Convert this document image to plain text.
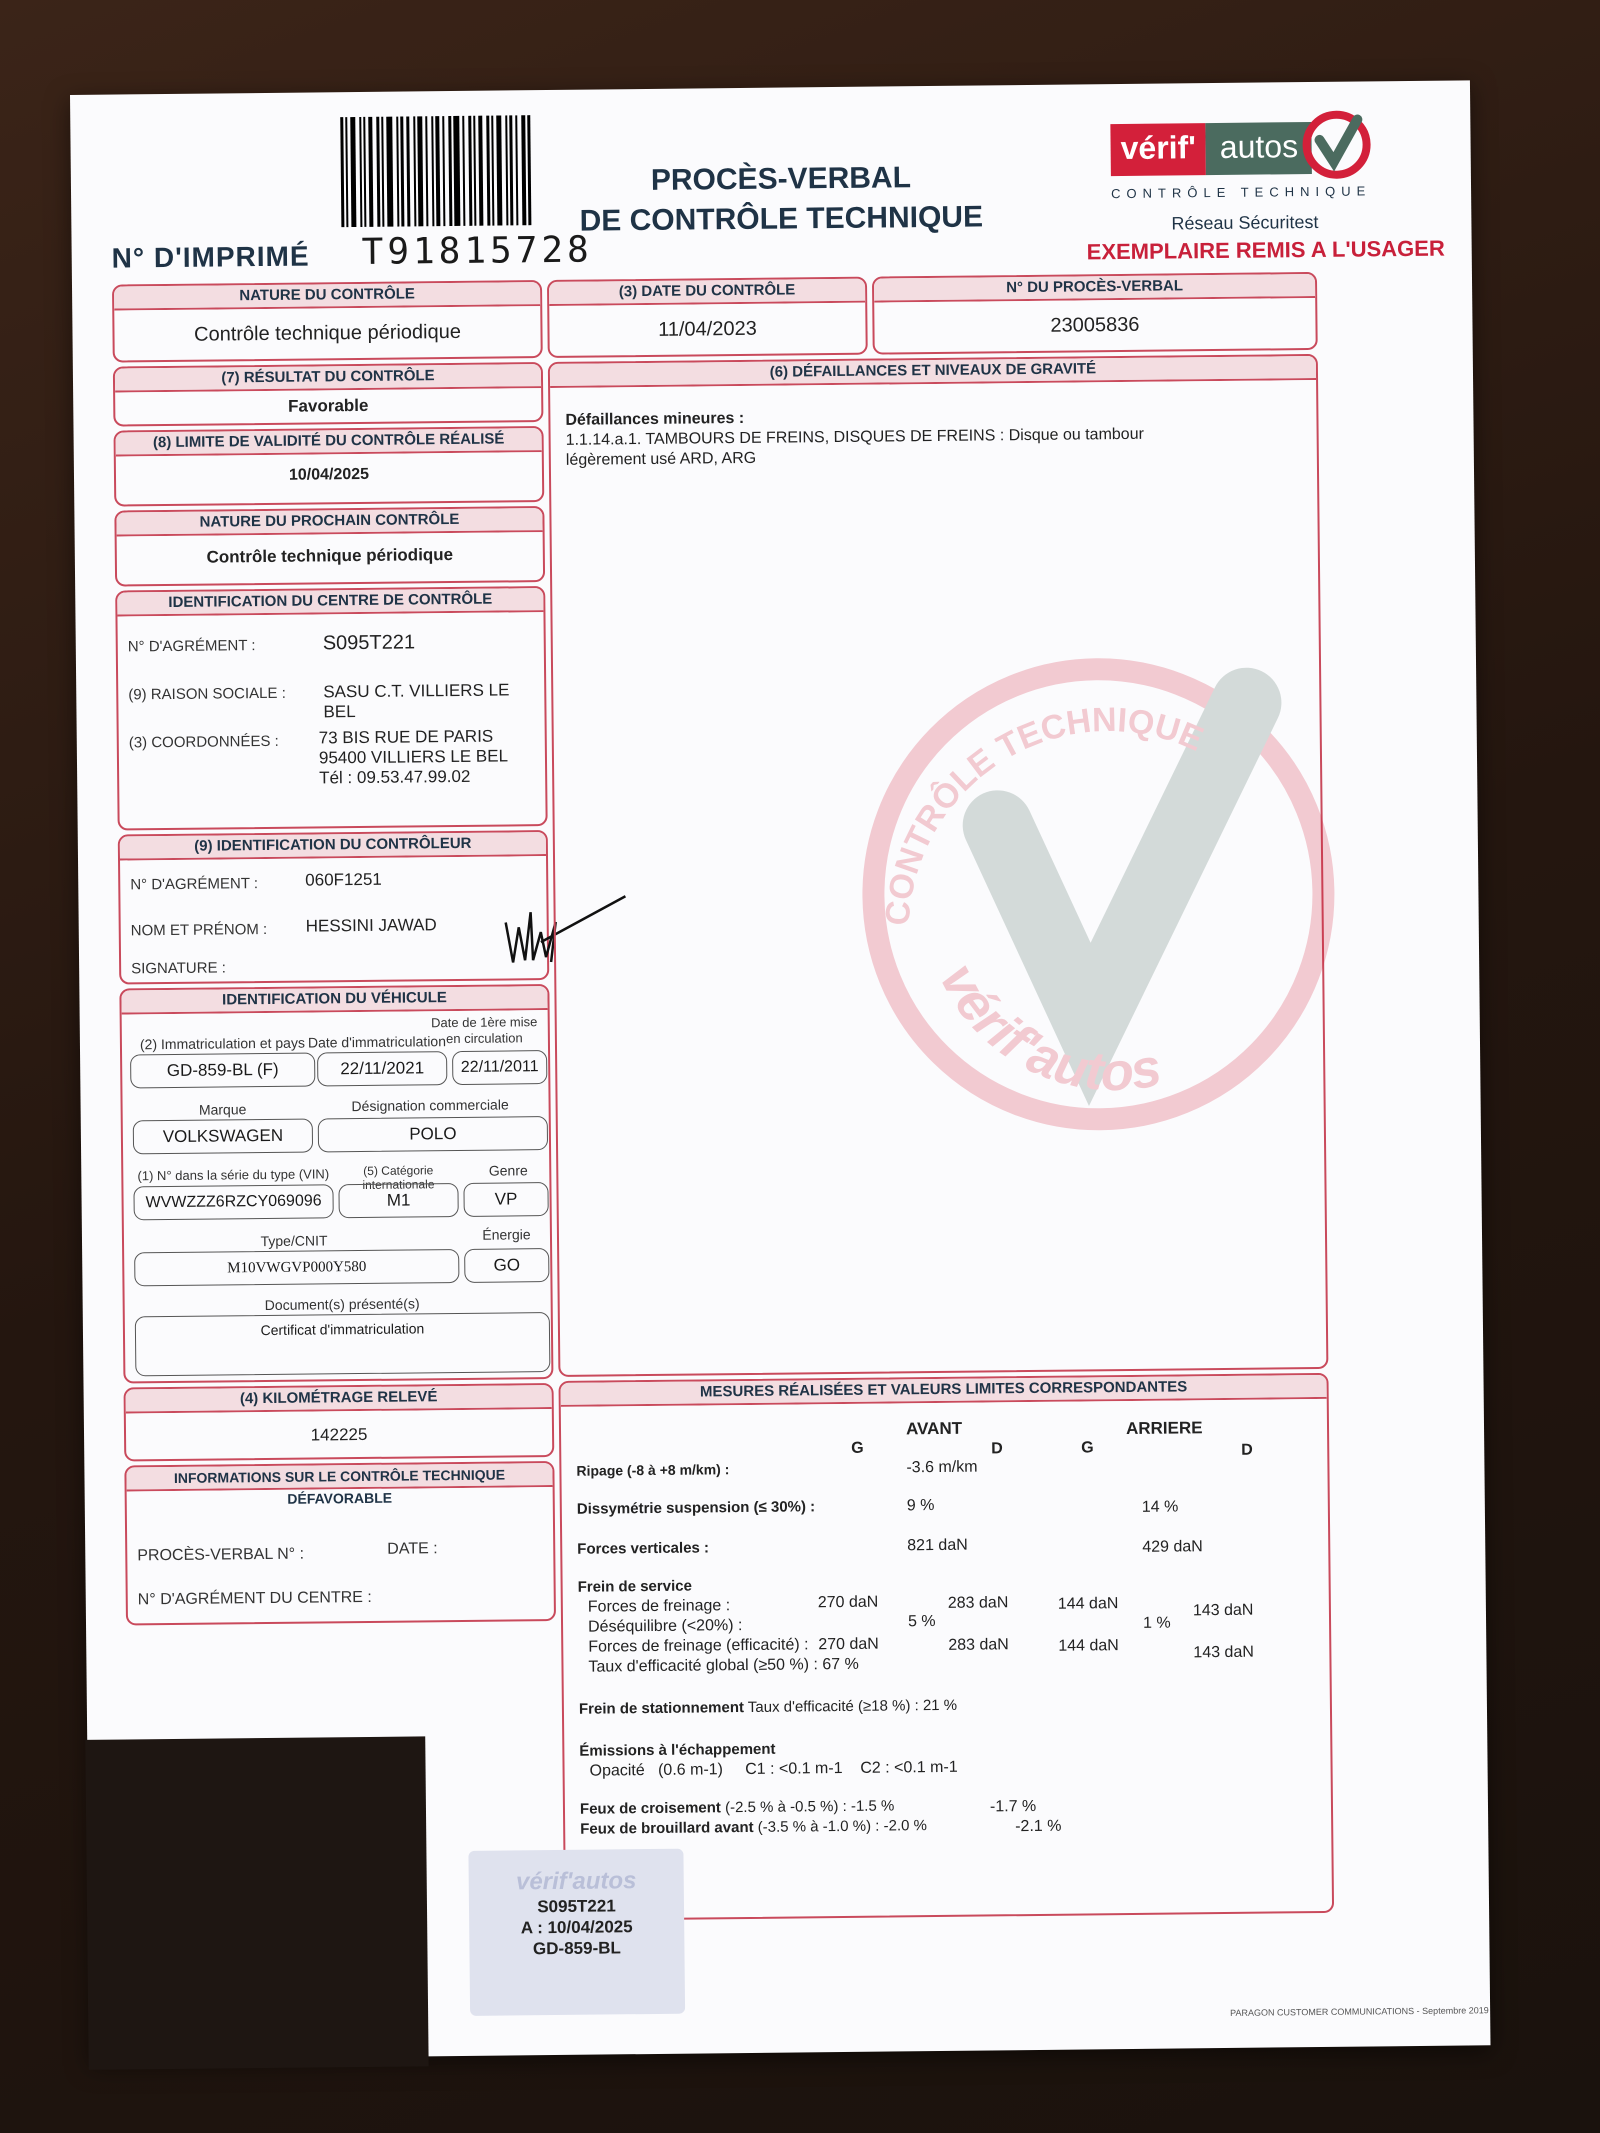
N° D'IMPRIMÉ T91815728
PROCÈS-VERBAL
DE CONTRÔLE TECHNIQUE
vérif' autos
CONTRÔLE TECHNIQUE
Réseau Sécuritest
EXEMPLAIRE REMIS A L'USAGER
NATURE DU CONTRÔLE
Contrôle technique périodique
(3) DATE DU CONTRÔLE
11/04/2023
N° DU PROCÈS-VERBAL
23005836
(7) RÉSULTAT DU CONTRÔLE
Favorable
(8) LIMITE DE VALIDITÉ DU CONTRÔLE RÉALISÉ
10/04/2025
NATURE DU PROCHAIN CONTRÔLE
Contrôle technique périodique
IDENTIFICATION DU CENTRE DE CONTRÔLE
N° D'AGRÉMENT :	S095T221
(9) RAISON SOCIALE : SASU C.T. VILLIERS LE BEL
(3) COORDONNÉES : 73 BIS RUE DE PARIS
95400 VILLIERS LE BEL
Tél : 09.53.47.99.02
(9) IDENTIFICATION DU CONTRÔLEUR
N° D'AGRÉMENT :	060F1251
NOM ET PRÉNOM : HESSINI JAWAD
SIGNATURE :
IDENTIFICATION DU VÉHICULE
(2) Immatriculation et pays Date d'immatriculation
Date de 1ère mise
en circulation
GD-859-BL (F)	22/11/2021	22/11/2011
Marque	Désignation commerciale
VOLKSWAGEN	POLO
(1) N° dans la série du type (VIN)	(5) Catégorie internationale
Genre
WVWZZZ6RZCY069096	M1	VP
Type/CNIT	Énergie
M10VWGVP000Y580	GO
Document(s) présenté(s)
Certificat d'immatriculation
(4) KILOMÉTRAGE RELEVÉ
142225
INFORMATIONS SUR LE CONTRÔLE TECHNIQUE DÉFAVORABLE
PROCÈS-VERBAL N° :	DATE :
N° D'AGRÉMENT DU CENTRE :
(6) DÉFAILLANCES ET NIVEAUX DE GRAVITÉ
Défaillances mineures :
1.1.14.a.1. TAMBOURS DE FREINS, DISQUES DE FREINS : Disque ou tambour
légèrement usé ARD, ARG
CONTRÔLE TECHNIQUE
vérif'autos
MESURES RÉALISÉES ET VALEURS LIMITES CORRESPONDANTES
AVANT	ARRIERE
G	D	G	D
Ripage (-8 à +8 m/km) :	-3.6 m/km
Dissymétrie suspension (≤ 30%) :	9 %	14 %
Forces verticales :	821 daN	429 daN
Frein de service
Forces de freinage :	270 daN	283 daN	144 daN	143 daN
Déséquilibre (<20%) :	5 %	1 %
Forces de freinage (efficacité) : 270 daN	283 daN	144 daN	143 daN
Taux d'efficacité global (≥50 %) : 67 %
Frein de stationnement Taux d'efficacité (≥18 %) : 21 %
Émissions à l'échappement
Opacité   (0.6 m-1)     C1 : <0.1 m-1    C2 : <0.1 m-1
Feux de croisement (-2.5 % à -0.5 %) : -1.5 %	-1.7 %
Feux de brouillard avant (-3.5 % à -1.0 %) : -2.0 %	-2.1 %
vérif'autos
S095T221
A : 10/04/2025
GD-859-BL
PARAGON CUSTOMER COMMUNICATIONS - Septembre 2019
